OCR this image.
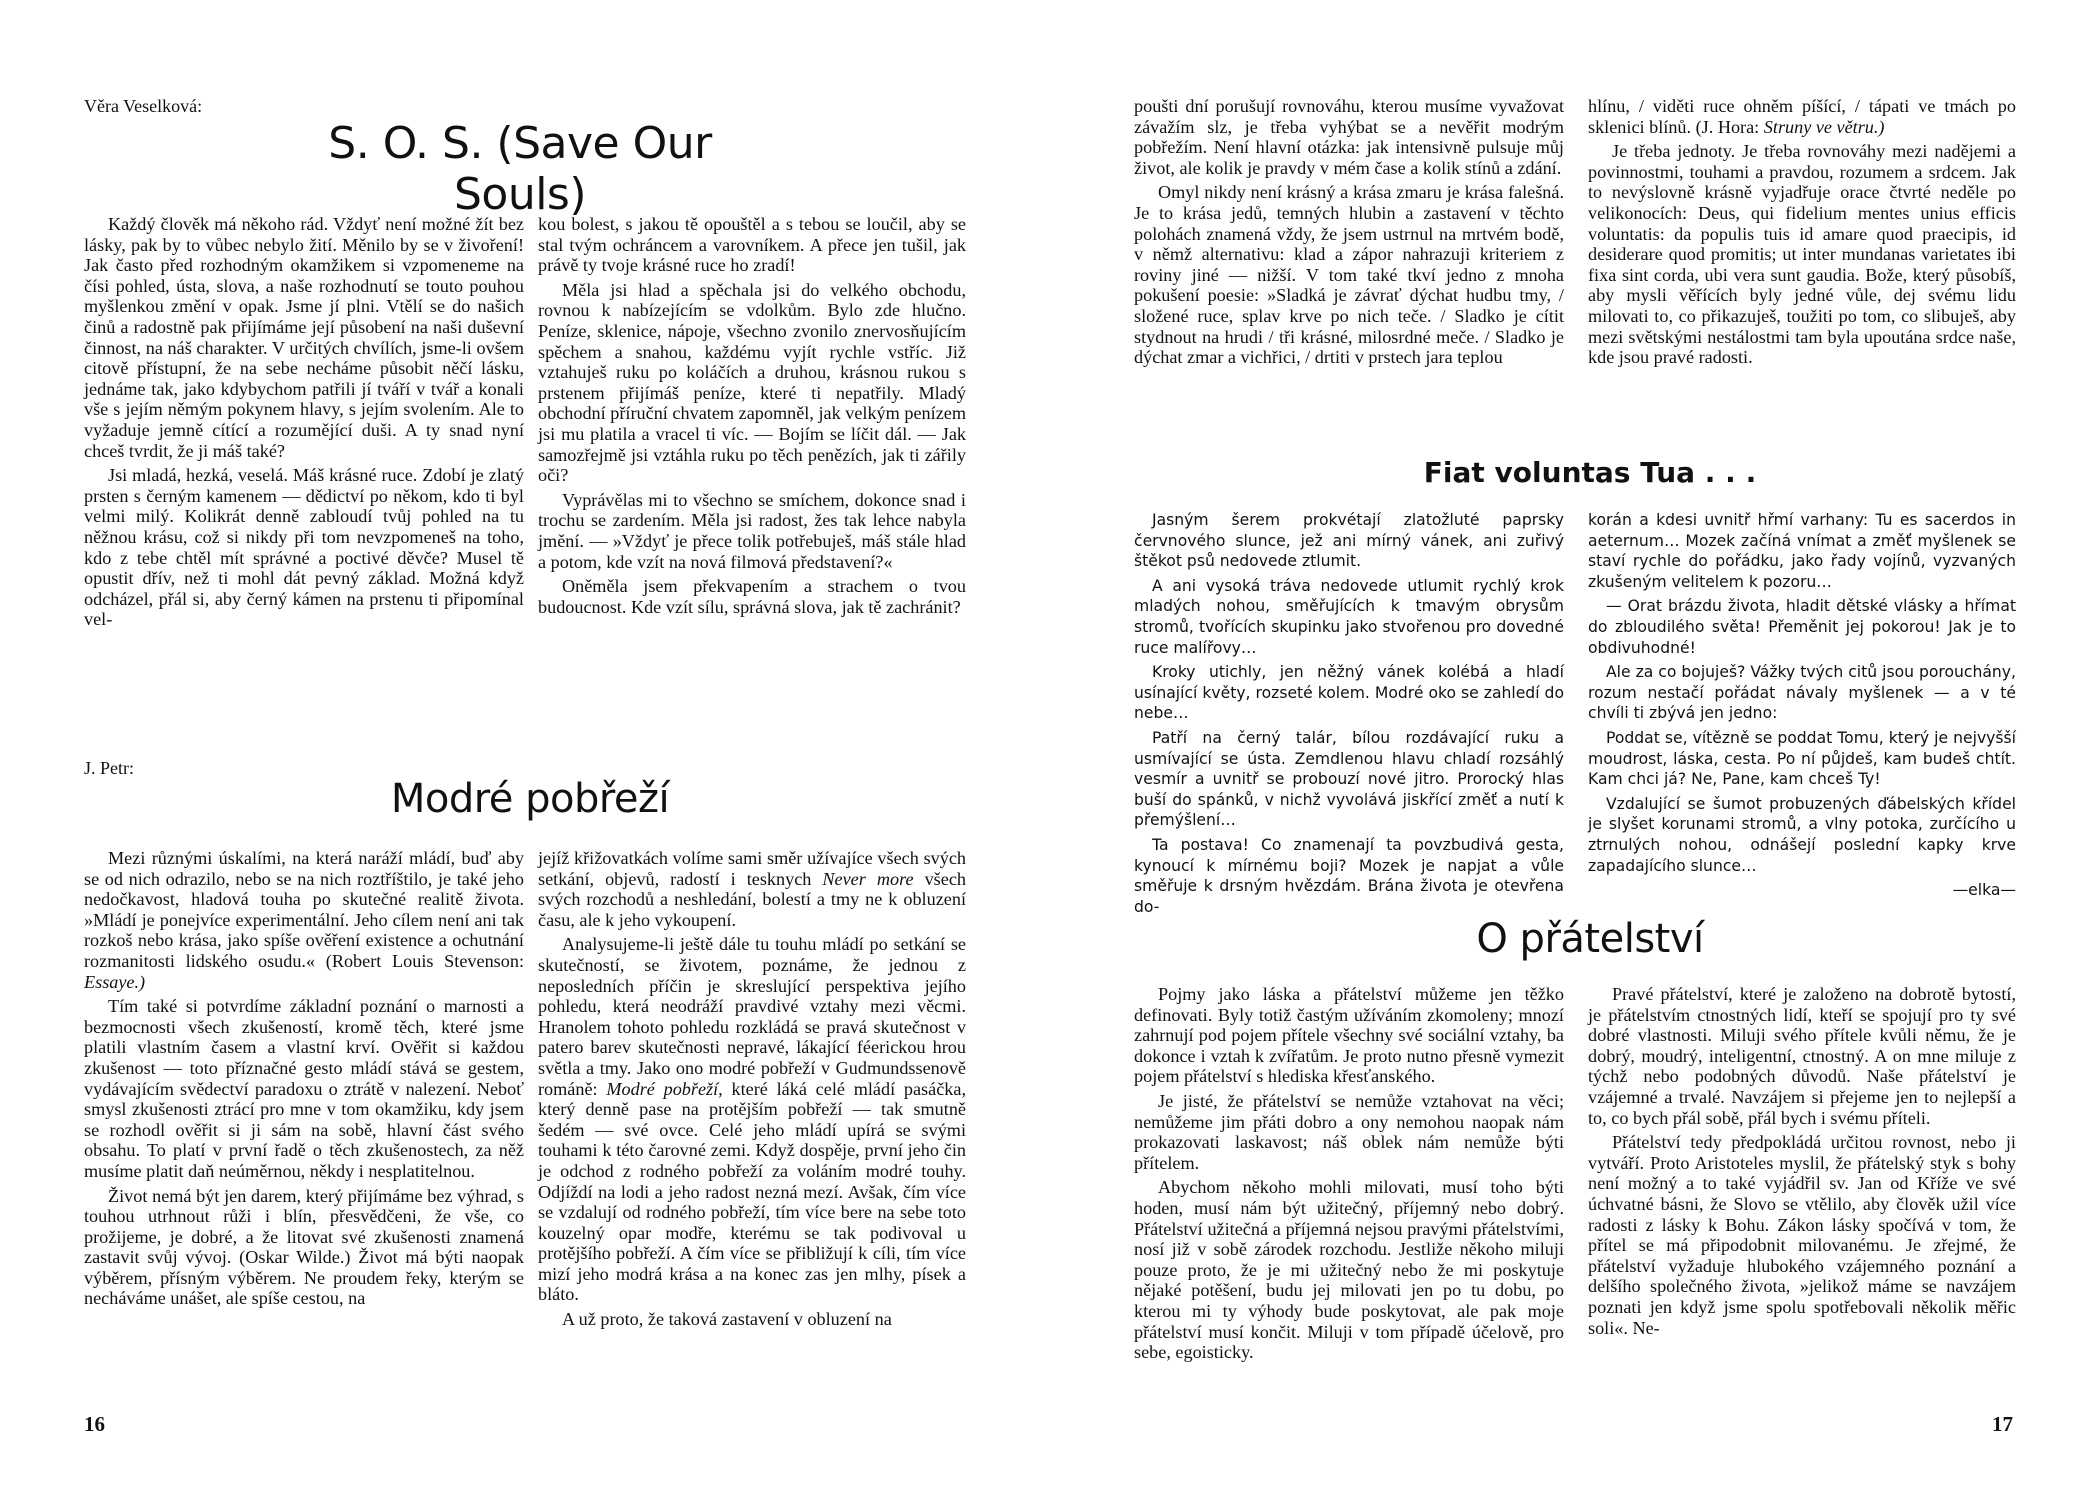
Věra Veselková:
S. O. S. (Save Our Souls)

Každý člověk má někoho rád. Vždyť není možné žít bez lásky, pak by to vůbec nebylo žití. Měnilo by se v živoření! Jak často před rozhodným okamžikem si vzpomeneme na čísi pohled, ústa, slova, a naše rozhodnutí se touto pouhou myšlenkou změní v opak. Jsme jí plni. Vtělí se do našich činů a radostně pak přijímáme její působení na naši duševní činnost, na náš charakter. V určitých chvílích, jsme-li ovšem citově přístupní, že na sebe necháme působit něčí lásku, jednáme tak, jako kdybychom patřili jí tváří v tvář a konali vše s jejím němým pokynem hlavy, s jejím svolením. Ale to vyžaduje jemně cítící a rozumějící duši. A ty snad nyní chceš tvrdit, že ji máš také?

Jsi mladá, hezká, veselá. Máš krásné ruce. Zdobí je zlatý prsten s černým kamenem — dědictví po někom, kdo ti byl velmi milý. Kolikrát denně zabloudí tvůj pohled na tu něžnou krásu, což si nikdy při tom nevzpomeneš na toho, kdo z tebe chtěl mít správné a poctivé děvče? Musel tě opustit dřív, než ti mohl dát pevný základ. Možná když odcházel, přál si, aby černý kámen na prstenu ti připomínal vel-

kou bolest, s jakou tě opouštěl a s tebou se loučil, aby se stal tvým ochráncem a varovníkem. A přece jen tušil, jak právě ty tvoje krásné ruce ho zradí!

Měla jsi hlad a spěchala jsi do velkého obchodu, rovnou k nabízejícím se vdolkům. Bylo zde hlučno. Peníze, sklenice, nápoje, všechno zvonilo znervosňujícím spěchem a snahou, každému vyjít rychle vstříc. Již vztahuješ ruku po koláčích a druhou, krásnou rukou s prstenem přijímáš peníze, které ti nepatřily. Mladý obchodní příruční chvatem zapomněl, jak velkým penízem jsi mu platila a vracel ti víc. — Bojím se líčit dál. — Jak samozřejmě jsi vztáhla ruku po těch penězích, jak ti zářily oči?

Vyprávělas mi to všechno se smíchem, dokonce snad i trochu se zardením. Měla jsi radost, žes tak lehce nabyla jmění. — »Vždyť je přece tolik potřebuješ, máš stále hlad a potom, kde vzít na nová filmová představení?«

Oněměla jsem překvapením a strachem o tvou budoucnost. Kde vzít sílu, správná slova, jak tě zachránit?

J. Petr:
Modré pobřeží

Mezi různými úskalími, na která naráží mládí, buď aby se od nich odrazilo, nebo se na nich roztříštilo, je také jeho nedočkavost, hladová touha po skutečné realitě života. »Mládí je ponejvíce experimentální. Jeho cílem není ani tak rozkoš nebo krása, jako spíše ověření existence a ochutnání rozmanitosti lidského osudu.« (Robert Louis Stevenson: Essaye.)

Tím také si potvrdíme základní poznání o marnosti a bezmocnosti všech zkušeností, kromě těch, které jsme platili vlastním časem a vlastní krví. Ověřit si každou zkušenost — toto příznačné gesto mládí stává se gestem, vydávajícím svědectví paradoxu o ztrátě v nalezení. Neboť smysl zkušenosti ztrácí pro mne v tom okamžiku, kdy jsem se rozhodl ověřit si ji sám na sobě, hlavní část svého obsahu. To platí v první řadě o těch zkušenostech, za něž musíme platit daň neúměrnou, někdy i nesplatitelnou.

Život nemá být jen darem, který přijímáme bez výhrad, s touhou utrhnout růži i blín, přesvědčeni, že vše, co prožijeme, je dobré, a že litovat své zkušenosti znamená zastavit svůj vývoj. (Oskar Wilde.) Život má býti naopak výběrem, přísným výběrem. Ne proudem řeky, kterým se necháváme unášet, ale spíše cestou, na

jejíž křižovatkách volíme sami směr užívajíce všech svých setkání, objevů, radostí i tesknych Never more všech svých rozchodů a neshledání, bolestí a tmy ne k obluzení času, ale k jeho vykoupení.

Analysujeme-li ještě dále tu touhu mládí po setkání se skutečností, se životem, poznáme, že jednou z neposledních příčin je skreslující perspektiva jejího pohledu, která neodráží pravdivé vztahy mezi věcmi. Hranolem tohoto pohledu rozkládá se pravá skutečnost v patero barev skutečnosti nepravé, lákající féerickou hrou světla a tmy. Jako ono modré pobřeží v Gudmundssenově románě: Modré pobřeží, které láká celé mládí pasáčka, který denně pase na protějším pobřeží — tak smutně šedém — své ovce. Celé jeho mládí upírá se svými touhami k této čarovné zemi. Když dospěje, první jeho čin je odchod z rodného pobřeží za voláním modré touhy. Odjíždí na lodi a jeho radost nezná mezí. Avšak, čím více se vzdalují od rodného pobřeží, tím více bere na sebe toto kouzelný opar modře, kterému se tak podivoval u protějšího pobřeží. A čím více se přibližují k cíli, tím více mizí jeho modrá krása a na konec zas jen mlhy, písek a bláto.

A už proto, že taková zastavení v obluzení na

16

poušti dní porušují rovnováhu, kterou musíme vyvažovat závažím slz, je třeba vyhýbat se a nevěřit modrým pobřežím. Není hlavní otázka: jak intensivně pulsuje můj život, ale kolik je pravdy v mém čase a kolik stínů a zdání.

Omyl nikdy není krásný a krása zmaru je krása falešná. Je to krása jedů, temných hlubin a zastavení v těchto polohách znamená vždy, že jsem ustrnul na mrtvém bodě, v němž alternativu: klad a zápor nahrazuji kriteriem z roviny jiné — nižší. V tom také tkví jedno z mnoha pokušení poesie: »Sladká je závrať dýchat hudbu tmy, / složené ruce, splav krve po nich teče. / Sladko je cítit stydnout na hrudi / tři krásné, milosrdné meče. / Sladko je dýchat zmar a vichřici, / drtiti v prstech jara teplou

hlínu, / viděti ruce ohněm píšící, / tápati ve tmách po sklenici blínů. (J. Hora: Struny ve větru.)

Je třeba jednoty. Je třeba rovnováhy mezi nadějemi a povinnostmi, touhami a pravdou, rozumem a srdcem. Jak to nevýslovně krásně vyjadřuje orace čtvrté neděle po velikonocích: Deus, qui fidelium mentes unius efficis voluntatis: da populis tuis id amare quod praecipis, id desiderare quod promitis; ut inter mundanas varietates ibi fixa sint corda, ubi vera sunt gaudia. Bože, který působíš, aby mysli věřících byly jedné vůle, dej svému lidu milovati to, co přikazuješ, toužiti po tom, co slibuješ, aby mezi světskými nestálostmi tam byla upoutána srdce naše, kde jsou pravé radosti.

Fiat voluntas Tua . . .

Jasným šerem prokvétají zlatožluté paprsky červnového slunce, jež ani mírný vánek, ani zuřivý štěkot psů nedovede ztlumit.

A ani vysoká tráva nedovede utlumit rychlý krok mladých nohou, směřujících k tmavým obrysům stromů, tvořících skupinku jako stvořenou pro dovedné ruce malířovy…

Kroky utichly, jen něžný vánek kolébá a hladí usínající květy, rozseté kolem. Modré oko se zahledí do nebe…

Patří na černý talár, bílou rozdávající ruku a usmívající se ústa. Zemdlenou hlavu chladí rozsáhlý vesmír a uvnitř se probouzí nové jitro. Prorocký hlas buší do spánků, v nichž vyvolává jiskřící změť a nutí k přemýšlení…

Ta postava! Co znamenají ta povzbudivá gesta, kynoucí k mírnému boji? Mozek je napjat a vůle směřuje k drsným hvězdám. Brána života je otevřena do-

korán a kdesi uvnitř hřmí varhany: Tu es sacerdos in aeternum… Mozek začíná vnímat a změť myšlenek se staví rychle do pořádku, jako řady vojínů, vyzvaných zkušeným velitelem k pozoru…

— Orat brázdu života, hladit dětské vlásky a hřímat do zbloudilého světa! Přeměnit jej pokorou! Jak je to obdivuhodné!

Ale za co bojuješ? Vážky tvých citů jsou porouchány, rozum nestačí pořádat návaly myšlenek — a v té chvíli ti zbývá jen jedno:

Poddat se, vítězně se poddat Tomu, který je nejvyšší moudrost, láska, cesta. Po ní půjdeš, kam budeš chtít. Kam chci já? Ne, Pane, kam chceš Ty!

Vzdalující se šumot probuzených ďábelských křídel je slyšet korunami stromů, a vlny potoka, zurčícího u ztrnulých nohou, odnášejí poslední kapky krve zapadajícího slunce…

—elka—

O přátelství

Pojmy jako láska a přátelství můžeme jen těžko definovati. Byly totiž častým užíváním zkomoleny; mnozí zahrnují pod pojem přítele všechny své sociální vztahy, ba dokonce i vztah k zvířatům. Je proto nutno přesně vymezit pojem přátelství s hlediska křesťanského.

Je jisté, že přátelství se nemůže vztahovat na věci; nemůžeme jim přáti dobro a ony nemohou naopak nám prokazovati laskavost; náš oblek nám nemůže býti přítelem.

Abychom někoho mohli milovati, musí toho býti hoden, musí nám být užitečný, příjemný nebo dobrý. Přátelství užitečná a příjemná nejsou pravými přátelstvími, nosí již v sobě zárodek rozchodu. Jestliže někoho miluji pouze proto, že je mi užitečný nebo že mi poskytuje nějaké potěšení, budu jej milovati jen po tu dobu, po kterou mi ty výhody bude poskytovat, ale pak moje přátelství musí končit. Miluji v tom případě účelově, pro sebe, egoisticky.

Pravé přátelství, které je založeno na dobrotě bytostí, je přátelstvím ctnostných lidí, kteří se spojují pro ty své dobré vlastnosti. Miluji svého přítele kvůli němu, že je dobrý, moudrý, inteligentní, ctnostný. A on mne miluje z týchž nebo podobných důvodů. Naše přátelství je vzájemné a trvalé. Navzájem si přejeme jen to nejlepší a to, co bych přál sobě, přál bych i svému příteli.

Přátelství tedy předpokládá určitou rovnost, nebo ji vytváří. Proto Aristoteles myslil, že přátelský styk s bohy není možný a to také vyjádřil sv. Jan od Kříže ve své úchvatné básni, že Slovo se vtělilo, aby člověk užil více radosti z lásky k Bohu. Zákon lásky spočívá v tom, že přítel se má připodobnit milovanému. Je zřejmé, že přátelství vyžaduje hlubokého vzájemného poznání a delšího společného života, »jelikož máme se navzájem poznati jen když jsme spolu spotřebovali několik měřic soli«. Ne-

17
